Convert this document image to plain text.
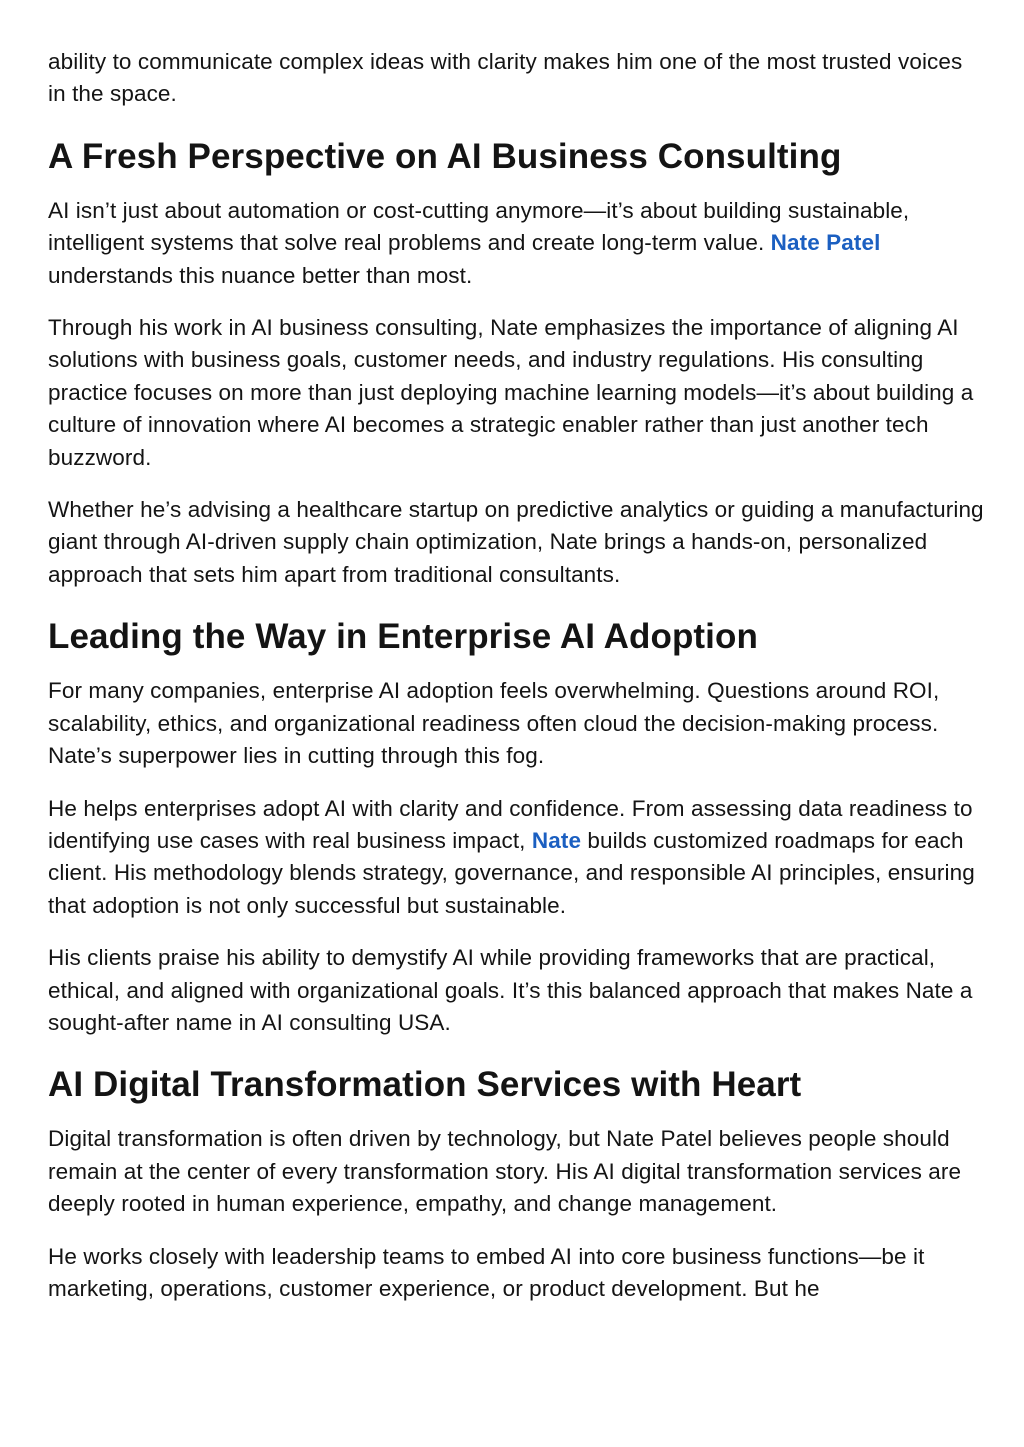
ability to communicate complex ideas with clarity makes him one of the most trusted voices in the space.

A Fresh Perspective on AI Business Consulting

AI isn’t just about automation or cost-cutting anymore—it’s about building sustainable, intelligent systems that solve real problems and create long-term value. Nate Patel understands this nuance better than most.

Through his work in AI business consulting, Nate emphasizes the importance of aligning AI solutions with business goals, customer needs, and industry regulations. His consulting practice focuses on more than just deploying machine learning models—it’s about building a culture of innovation where AI becomes a strategic enabler rather than just another tech buzzword.

Whether he’s advising a healthcare startup on predictive analytics or guiding a manufacturing giant through AI-driven supply chain optimization, Nate brings a hands-on, personalized approach that sets him apart from traditional consultants.

Leading the Way in Enterprise AI Adoption

For many companies, enterprise AI adoption feels overwhelming. Questions around ROI, scalability, ethics, and organizational readiness often cloud the decision-making process. Nate’s superpower lies in cutting through this fog.

He helps enterprises adopt AI with clarity and confidence. From assessing data readiness to identifying use cases with real business impact, Nate builds customized roadmaps for each client. His methodology blends strategy, governance, and responsible AI principles, ensuring that adoption is not only successful but sustainable.

His clients praise his ability to demystify AI while providing frameworks that are practical, ethical, and aligned with organizational goals. It’s this balanced approach that makes Nate a sought-after name in AI consulting USA.

AI Digital Transformation Services with Heart

Digital transformation is often driven by technology, but Nate Patel believes people should remain at the center of every transformation story. His AI digital transformation services are deeply rooted in human experience, empathy, and change management.

He works closely with leadership teams to embed AI into core business functions—be it marketing, operations, customer experience, or product development. But he
